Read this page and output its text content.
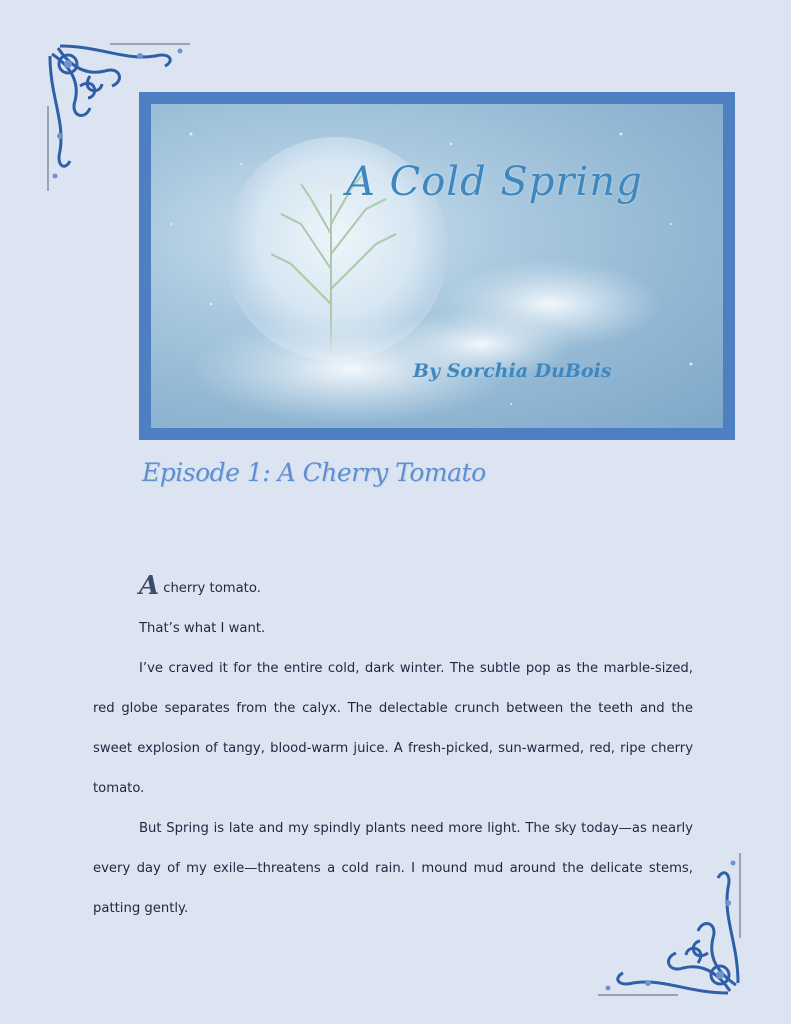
A Cold Spring
By Sorchia DuBois
Episode 1: A Cherry Tomato

Acherry tomato.

That’s what I want.

I’ve craved it for the entire cold, dark winter. The subtle pop as the marble-sized, red globe separates from the calyx. The delectable crunch between the teeth and the sweet explosion of tangy, blood-warm juice. A fresh-picked, sun-warmed, red, ripe cherry tomato.

But Spring is late and my spindly plants need more light. The sky today—as nearly every day of my exile—threatens a cold rain. I mound mud around the delicate stems, patting gently.
